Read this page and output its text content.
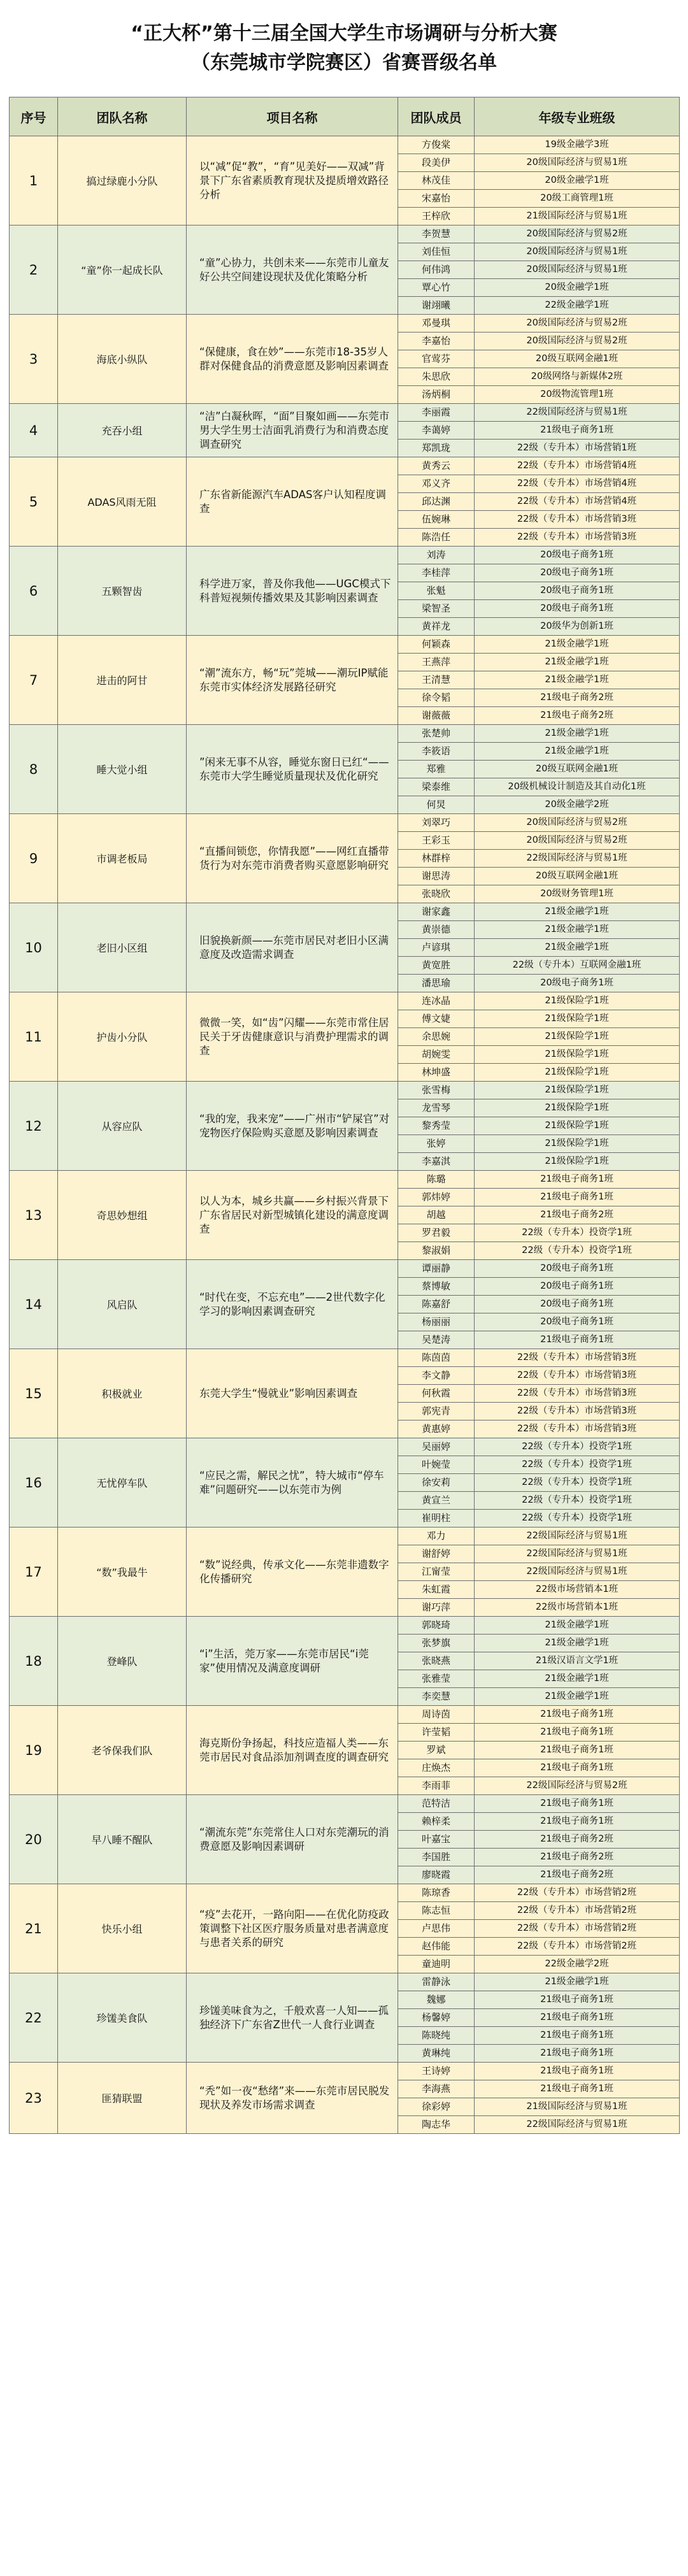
“正大杯”第十三届全国大学生市场调研与分析大赛
（东莞城市学院赛区）省赛晋级名单
序号	团队名称	项目名称	团队成员	年级专业班级
1	搞过绿鹿小分队	以“减”促“教”，“育”见美好——双减”背景下广东省素质教育现状及提质增效路径分析	方俊棠	19级金融学3班
			段美伊	20级国际经济与贸易1班
			林茂佳	20级金融学1班
			宋嘉怡	20级工商管理1班
			王梓欣	21级国际经济与贸易1班
2	“童”你一起成长队	“童”心协力，共创未来——东莞市儿童友好公共空间建设现状及优化策略分析	李贺慧	20级国际经济与贸易2班
			刘佳恒	20级国际经济与贸易1班
			何伟鸿	20级国际经济与贸易1班
			覃心竹	20级金融学1班
			谢翊曦	22级金融学1班
3	海底小纵队	“保健康，食在妙”——东莞市18-35岁人群对保健食品的消费意愿及影响因素调查	邓曼琪	20级国际经济与贸易2班
			李嘉怡	20级国际经济与贸易2班
			官莺芬	20级互联网金融1班
			朱思欣	20级网络与新媒体2班
			汤炳桐	20级物流管理1班
4	充吞小组	“洁”白凝秋晖，“面”目聚如画——东莞市男大学生男士洁面乳消费行为和消费态度调查研究	李丽霞	22级国际经济与贸易1班
			李蔼婷	21级电子商务1班
			郑凯珑	22级（专升本）市场营销1班
5	ADAS风雨无阻	广东省新能源汽车ADAS客户认知程度调查	黄秀云	22级（专升本）市场营销4班
			邓义齐	22级（专升本）市场营销4班
			邱达渊	22级（专升本）市场营销4班
			伍婉琳	22级（专升本）市场营销3班
			陈浩任	22级（专升本）市场营销3班
6	五颗智齿	科学进万家，普及你我他——UGC模式下科普短视频传播效果及其影响因素调查	刘涛	20级电子商务1班
			李桂萍	20级电子商务1班
			张魁	20级电子商务1班
			梁智圣	20级电子商务1班
			黄祥龙	20级华为创新1班
7	进击的阿甘	“潮”流东方，畅“玩”莞城——潮玩IP赋能东莞市实体经济发展路径研究	何颖森	21级金融学1班
			王燕萍	21级金融学1班
			王清慧	21级金融学1班
			徐令韬	21级电子商务2班
			谢薇薇	21级电子商务2班
8	睡大觉小组	”闲来无事不从容，睡觉东窗日已红“——东莞市大学生睡觉质量现状及优化研究	张楚帅	21级金融学1班
			李筱语	21级金融学1班
			郑雅	20级互联网金融1班
			梁泰维	20级机械设计制造及其自动化1班
			何炅	20级金融学2班
9	市调老板局	“直播间锁您，你情我愿”——网红直播带货行为对东莞市消费者购买意愿影响研究	刘翠巧	20级国际经济与贸易2班
			王彩玉	20级国际经济与贸易2班
			林群梓	22级国际经济与贸易1班
			谢思涛	20级互联网金融1班
			张晓欣	20级财务管理1班
10	老旧小区组	旧貌换新颜——东莞市居民对老旧小区满意度及改造需求调查	谢家鑫	21级金融学1班
			黄崇德	21级金融学1班
			卢谚琪	21级金融学1班
			黄宽胜	22级（专升本）互联网金融1班
			潘思瑜	20级电子商务1班
11	护齿小分队	微微一笑，如“齿”闪耀——东莞市常住居民关于牙齿健康意识与消费护理需求的调查	连冰晶	21级保险学1班
			傅文婕	21级保险学1班
			余思婉	21级保险学1班
			胡婉雯	21级保险学1班
			林坤盛	21级保险学1班
12	从容应队	“我的宠，我来宠”——广州市“铲屎官”对宠物医疗保险购买意愿及影响因素调查	张雪梅	21级保险学1班
			龙雪琴	21级保险学1班
			黎秀莹	21级保险学1班
			张婷	21级保险学1班
			李嘉淇	21级保险学1班
13	奇思妙想组	以人为本，城乡共赢——乡村振兴背景下广东省居民对新型城镇化建设的满意度调查	陈璐	21级电子商务1班
			郭炜婷	21级电子商务1班
			胡越	21级电子商务2班
			罗君毅	22级（专升本）投资学1班
			黎淑娟	22级（专升本）投资学1班
14	风启队	“时代在变，不忘充电”——2世代数字化学习的影响因素调查研究	谭丽静	20级电子商务1班
			蔡博敏	20级电子商务1班
			陈嘉舒	20级电子商务1班
			杨丽丽	20级电子商务1班
			吴楚涛	21级电子商务1班
15	积极就业	东莞大学生“慢就业”影响因素调查	陈茵茵	22级（专升本）市场营销3班
			李文静	22级（专升本）市场营销3班
			何秋霞	22级（专升本）市场营销3班
			郭宪青	22级（专升本）市场营销3班
			黄惠婷	22级（专升本）市场营销3班
16	无忧停车队	“应民之需，解民之忧”，特大城市“停车难”问题研究——以东莞市为例	吴丽婷	22级（专升本）投资学1班
			叶婉莹	22级（专升本）投资学1班
			徐安莉	22级（专升本）投资学1班
			黄宣兰	22级（专升本）投资学1班
			崔明柱	22级（专升本）投资学1班
17	“数”我最牛	“数”说经典，传承文化——东莞非遗数字化传播研究	邓力	22级国际经济与贸易1班
			谢舒婷	22级国际经济与贸易1班
			江甯莹	22级国际经济与贸易1班
			朱虹霞	22级市场营销本1班
			谢巧萍	22级市场营销本1班
18	登峰队	“i”生活，莞万家——东莞市居民“i莞家”使用情况及满意度调研	郭晓琦	21级金融学1班
			张梦旗	21级金融学1班
			张晓燕	21级汉语言文学1班
			张雅莹	21级金融学1班
			李奕慧	21级金融学1班
19	老爷保我们队	海克斯份争扬起，科技应造福人类——东莞市居民对食品添加剂调查度的调查研究	周诗茵	21级电子商务1班
			许莹韬	21级电子商务1班
			罗斌	21级电子商务1班
			庄焕杰	21级电子商务1班
			李雨菲	22级国际经济与贸易2班
20	早八睡不醒队	“潮流东莞”东莞常住人口对东莞潮玩的消费意愿及影响因素调研	范特洁	21级电子商务1班
			赖梓柔	21级电子商务1班
			叶嘉宝	21级电子商务2班
			李国胜	21级电子商务2班
			廖晓霞	21级电子商务2班
21	快乐小组	“疫”去花开，一路向阳——在优化防疫政策调整下社区医疗服务质量对患者满意度与患者关系的研究	陈琼香	22级（专升本）市场营销2班
			陈志恒	22级（专升本）市场营销2班
			卢思伟	22级（专升本）市场营销2班
			赵伟能	22级（专升本）市场营销2班
			童迪明	22级金融学2班
22	珍馐美食队	珍馐美味食为之，千般欢喜一人知——孤独经济下广东省Z世代一人食行业调查	雷静泳	21级金融学1班
			魏娜	21级电子商务1班
			杨馨婷	21级电子商务1班
			陈晓纯	21级电子商务1班
			黄琳纯	21级电子商务1班
23	匪猜联盟	“秃”如一夜“愁绪”来——东莞市居民脱发现状及养发市场需求调查	王诗婷	21级电子商务1班
			李海燕	21级电子商务1班
			徐彩婷	21级国际经济与贸易1班
			陶志华	22级国际经济与贸易1班
